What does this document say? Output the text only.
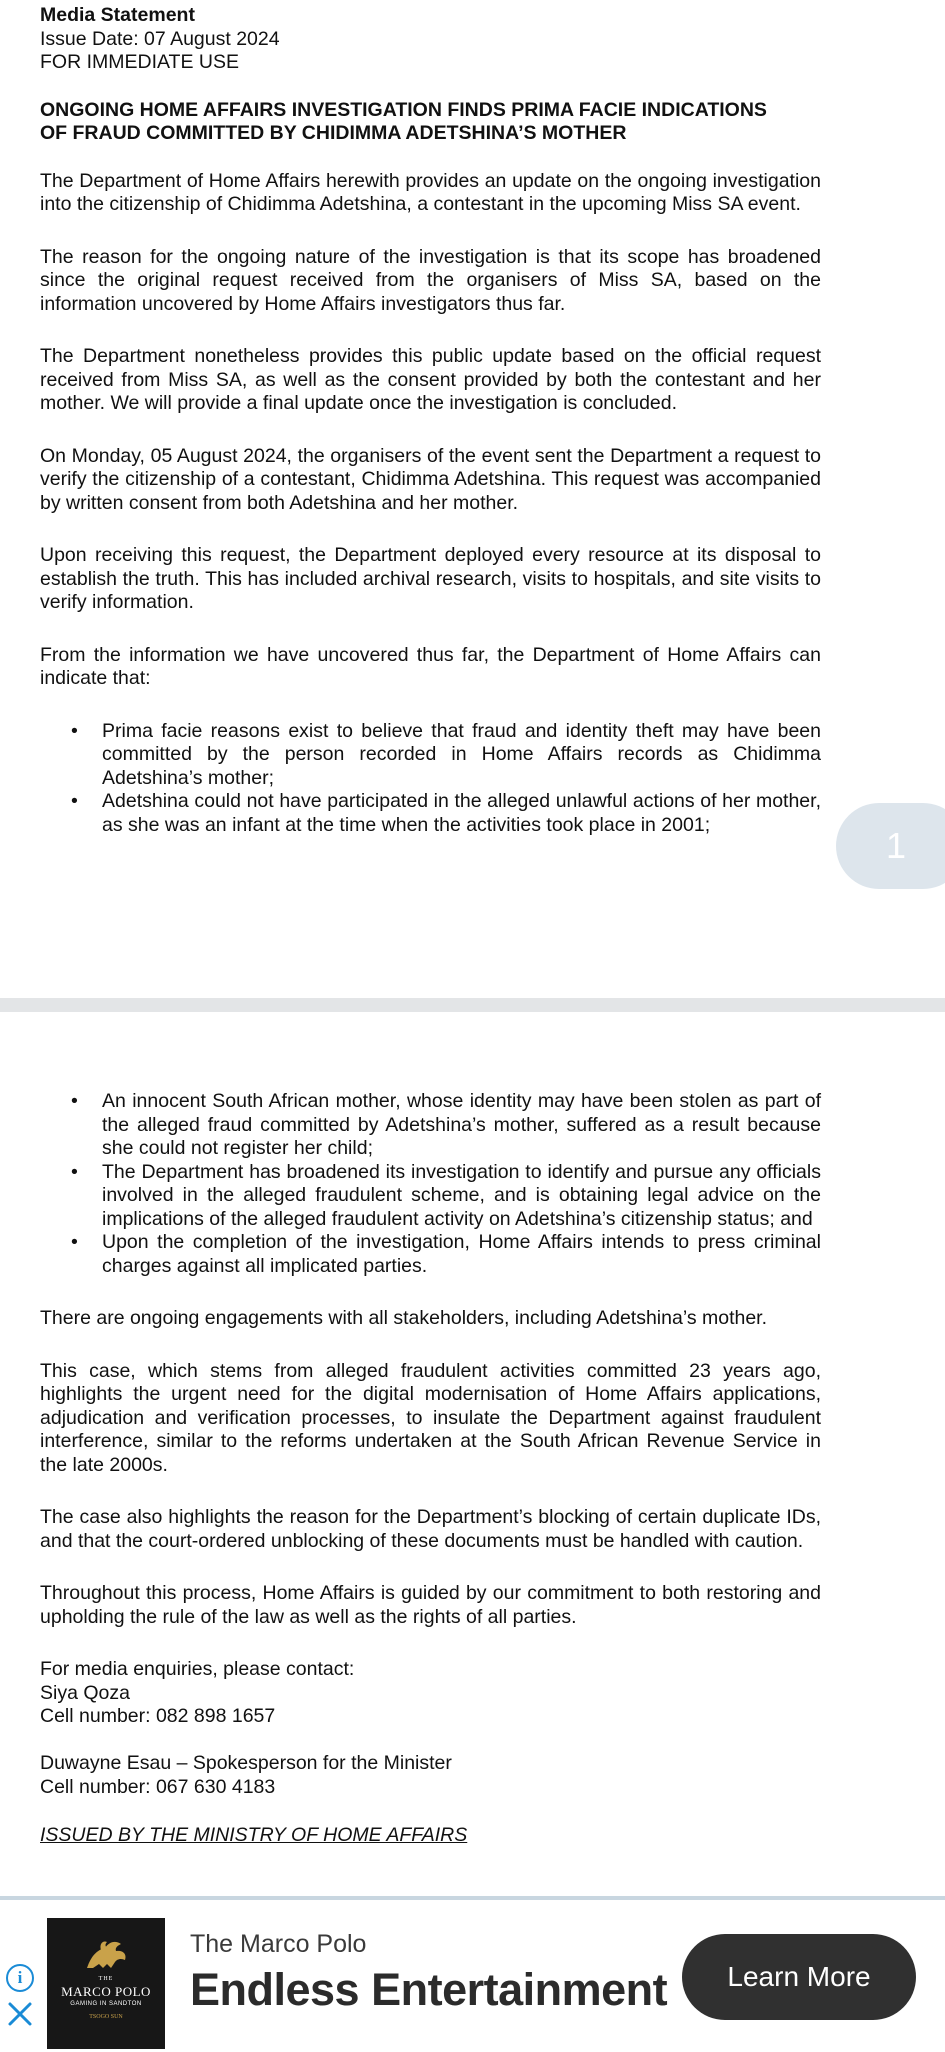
Media Statement

Issue Date: 07 August 2024

FOR IMMEDIATE USE

ONGOING HOME AFFAIRS INVESTIGATION FINDS PRIMA FACIE INDICATIONS
OF FRAUD COMMITTED BY CHIDIMMA ADETSHINA’S MOTHER

The Department of Home Affairs herewith provides an update on the ongoing investigation into the citizenship of Chidimma Adetshina, a contestant in the upcoming Miss SA event.

The reason for the ongoing nature of the investigation is that its scope has broadened since the original request received from the organisers of Miss SA, based on the information uncovered by Home Affairs investigators thus far.

The Department nonetheless provides this public update based on the official request received from Miss SA, as well as the consent provided by both the contestant and her mother. We will provide a final update once the investigation is concluded.

On Monday, 05 August 2024, the organisers of the event sent the Department a request to verify the citizenship of a contestant, Chidimma Adetshina. This request was accompanied by written consent from both Adetshina and her mother.

Upon receiving this request, the Department deployed every resource at its disposal to establish the truth. This has included archival research, visits to hospitals, and site visits to verify information.

From the information we have uncovered thus far, the Department of Home Affairs can indicate that:

• Prima facie reasons exist to believe that fraud and identity theft may have been committed by the person recorded in Home Affairs records as Chidimma Adetshina’s mother;
• Adetshina could not have participated in the alleged unlawful actions of her mother, as she was an infant at the time when the activities took place in 2001;
1
• An innocent South African mother, whose identity may have been stolen as part of the alleged fraud committed by Adetshina’s mother, suffered as a result because she could not register her child;
• The Department has broadened its investigation to identify and pursue any officials involved in the alleged fraudulent scheme, and is obtaining legal advice on the implications of the alleged fraudulent activity on Adetshina’s citizenship status; and
• Upon the completion of the investigation, Home Affairs intends to press criminal charges against all implicated parties.

There are ongoing engagements with all stakeholders, including Adetshina’s mother.

This case, which stems from alleged fraudulent activities committed 23 years ago, highlights the urgent need for the digital modernisation of Home Affairs applications, adjudication and verification processes, to insulate the Department against fraudulent interference, similar to the reforms undertaken at the South African Revenue Service in the late 2000s.

The case also highlights the reason for the Department’s blocking of certain duplicate IDs, and that the court-ordered unblocking of these documents must be handled with caution.

Throughout this process, Home Affairs is guided by our commitment to both restoring and upholding the rule of the law as well as the rights of all parties.

For media enquiries, please contact:

Siya Qoza

Cell number: 082 898 1657

Duwayne Esau – Spokesperson for the Minister

Cell number: 067 630 4183

ISSUED BY THE MINISTRY OF HOME AFFAIRS

i	THE
MARCO POLO
GAMING IN SANDTON
TSOGO SUN
The Marco Polo
Endless Entertainment	Learn More
